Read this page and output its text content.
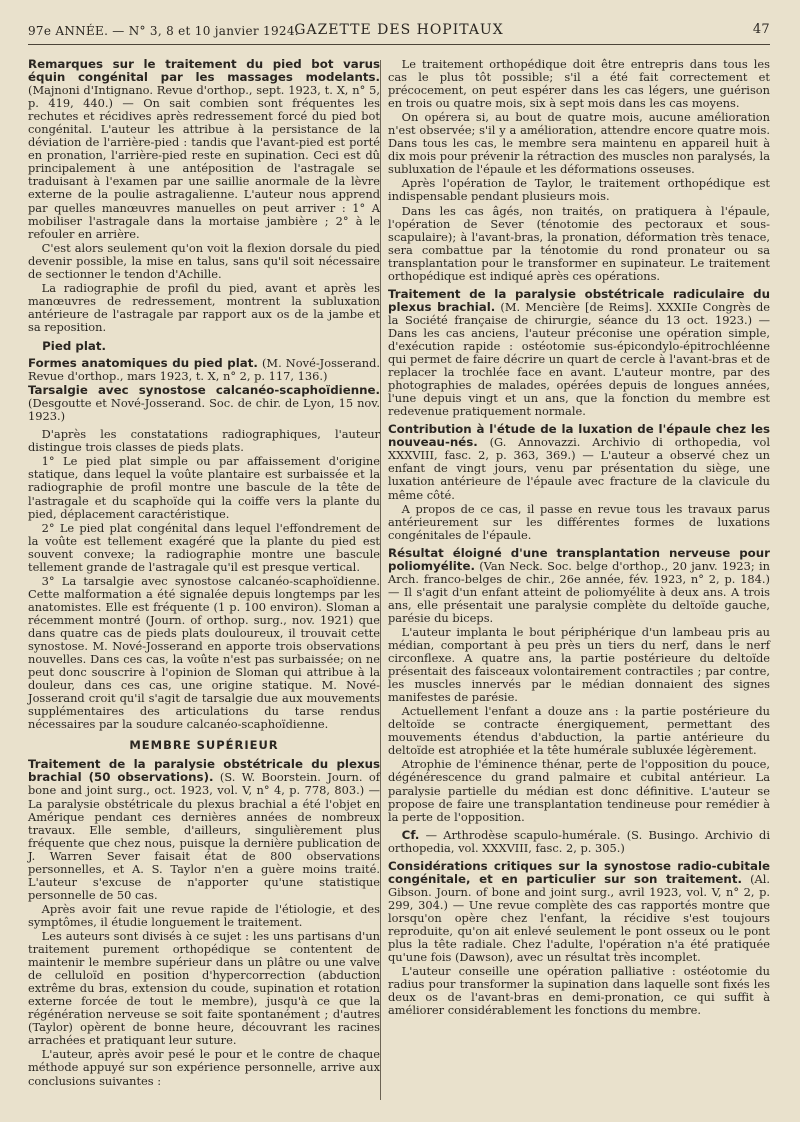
97e ANNÉE. — N° 3, 8 et 10 janvier 1924.
GAZETTE DES HOPITAUX	47

Remarques sur le traitement du pied bot varus équin congénital par les massages modelants. (Majnoni d'Intignano. Revue d'orthop., sept. 1923, t. X, n° 5, p. 419, 440.) — On sait combien sont fréquentes les rechutes et récidives après redressement forcé du pied bot congénital. L'auteur les attribue à la persistance de la déviation de l'arrière-pied : tandis que l'avant-pied est porté en pronation, l'arrière-pied reste en supination. Ceci est dû principalement à une antéposition de l'astragale se traduisant à l'examen par une saillie anormale de la lèvre externe de la poulie astragalienne. L'auteur nous apprend par quelles manœuvres manuelles on peut arriver : 1° A mobiliser l'astragale dans la mortaise jambière ; 2° à le refouler en arrière.

C'est alors seulement qu'on voit la flexion dorsale du pied devenir possible, la mise en talus, sans qu'il soit nécessaire de sectionner le tendon d'Achille.

La radiographie de profil du pied, avant et après les manœuvres de redressement, montrent la subluxation antérieure de l'astragale par rapport aux os de la jambe et sa reposition.

Pied plat.

Formes anatomiques du pied plat. (M. Nové-Josserand. Revue d'orthop., mars 1923, t. X, n° 2, p. 117, 136.)

Tarsalgie avec synostose calcanéo-scaphoïdienne. (Desgoutte et Nové-Josserand. Soc. de chir. de Lyon, 15 nov. 1923.)

D'après les constatations radiographiques, l'auteur distingue trois classes de pieds plats.

1° Le pied plat simple ou par affaissement d'origine statique, dans lequel la voûte plantaire est surbaissée et la radiographie de profil montre une bascule de la tête de l'astragale et du scaphoïde qui la coiffe vers la plante du pied, déplacement caractéristique.

2° Le pied plat congénital dans lequel l'effondrement de la voûte est tellement exagéré que la plante du pied est souvent convexe; la radiographie montre une bascule tellement grande de l'astragale qu'il est presque vertical.

3° La tarsalgie avec synostose calcanéo-scaphoïdienne. Cette malformation a été signalée depuis longtemps par les anatomistes. Elle est fréquente (1 p. 100 environ). Sloman a récemment montré (Journ. of orthop. surg., nov. 1921) que dans quatre cas de pieds plats douloureux, il trouvait cette synostose. M. Nové-Josserand en apporte trois observations nouvelles. Dans ces cas, la voûte n'est pas surbaissée; on ne peut donc souscrire à l'opinion de Sloman qui attribue à la douleur, dans ces cas, une origine statique. M. Nové-Josserand croit qu'il s'agit de tarsalgie due aux mouvements supplémentaires des articulations du tarse rendus nécessaires par la soudure calcanéo-scaphoïdienne.

MEMBRE SUPÉRIEUR

Traitement de la paralysie obstétricale du plexus brachial (50 observations). (S. W. Boorstein. Journ. of bone and joint surg., oct. 1923, vol. V, n° 4, p. 778, 803.) — La paralysie obstétricale du plexus brachial a été l'objet en Amérique pendant ces dernières années de nombreux travaux. Elle semble, d'ailleurs, singulièrement plus fréquente que chez nous, puisque la dernière publication de J. Warren Sever faisait état de 800 observations personnelles, et A. S. Taylor n'en a guère moins traité. L'auteur s'excuse de n'apporter qu'une statistique personnelle de 50 cas.

Après avoir fait une revue rapide de l'étiologie, et des symptômes, il étudie longuement le traitement.

Les auteurs sont divisés à ce sujet : les uns partisans d'un traitement purement orthopédique se contentent de maintenir le membre supérieur dans un plâtre ou une valve de celluloïd en position d'hypercorrection (abduction extrême du bras, extension du coude, supination et rotation externe forcée de tout le membre), jusqu'à ce que la régénération nerveuse se soit faite spontanément ; d'autres (Taylor) opèrent de bonne heure, découvrant les racines arrachées et pratiquant leur suture.

L'auteur, après avoir pesé le pour et le contre de chaque méthode appuyé sur son expérience personnelle, arrive aux conclusions suivantes :

Le traitement orthopédique doit être entrepris dans tous les cas le plus tôt possible; s'il a été fait correctement et précocement, on peut espérer dans les cas légers, une guérison en trois ou quatre mois, six à sept mois dans les cas moyens.

On opérera si, au bout de quatre mois, aucune amélioration n'est observée; s'il y a amélioration, attendre encore quatre mois. Dans tous les cas, le membre sera maintenu en appareil huit à dix mois pour prévenir la rétraction des muscles non paralysés, la subluxation de l'épaule et les déformations osseuses.

Après l'opération de Taylor, le traitement orthopédique est indispensable pendant plusieurs mois.

Dans les cas âgés, non traités, on pratiquera à l'épaule, l'opération de Sever (ténotomie des pectoraux et sous-scapulaire); à l'avant-bras, la pronation, déformation très tenace, sera combattue par la ténotomie du rond pronateur ou sa transplantation pour le transformer en supinateur. Le traitement orthopédique est indiqué après ces opérations.

Traitement de la paralysie obstétricale radiculaire du plexus brachial. (M. Mencière [de Reims]. XXXIIe Congrès de la Société française de chirurgie, séance du 13 oct. 1923.) — Dans les cas anciens, l'auteur préconise une opération simple, d'exécution rapide : ostéotomie sus-épicondylo-épitrochléenne qui permet de faire décrire un quart de cercle à l'avant-bras et de replacer la trochlée face en avant. L'auteur montre, par des photographies de malades, opérées depuis de longues années, l'une depuis vingt et un ans, que la fonction du membre est redevenue pratiquement normale.

Contribution à l'étude de la luxation de l'épaule chez les nouveau-nés. (G. Annovazzi. Archivio di orthopedia, vol XXXVIII, fasc. 2, p. 363, 369.) — L'auteur a observé chez un enfant de vingt jours, venu par présentation du siège, une luxation antérieure de l'épaule avec fracture de la clavicule du même côté.

A propos de ce cas, il passe en revue tous les travaux parus antérieurement sur les différentes formes de luxations congénitales de l'épaule.

Résultat éloigné d'une transplantation nerveuse pour poliomyélite. (Van Neck. Soc. belge d'orthop., 20 janv. 1923; in Arch. franco-belges de chir., 26e année, fév. 1923, n° 2, p. 184.) — Il s'agit d'un enfant atteint de poliomyélite à deux ans. A trois ans, elle présentait une paralysie complète du deltoïde gauche, parésie du biceps.

L'auteur implanta le bout périphérique d'un lambeau pris au médian, comportant à peu près un tiers du nerf, dans le nerf circonflexe. A quatre ans, la partie postérieure du deltoïde présentait des faisceaux volontairement contractiles ; par contre, les muscles innervés par le médian donnaient des signes manifestes de parésie.

Actuellement l'enfant a douze ans : la partie postérieure du deltoïde se contracte énergiquement, permettant des mouvements étendus d'abduction, la partie antérieure du deltoïde est atrophiée et la tête humérale subluxée légèrement.

Atrophie de l'éminence thénar, perte de l'opposition du pouce, dégénérescence du grand palmaire et cubital antérieur. La paralysie partielle du médian est donc définitive. L'auteur se propose de faire une transplantation tendineuse pour remédier à la perte de l'opposition.

Cf. — Arthrodèse scapulo-humérale. (S. Busingo. Archivio di orthopedia, vol. XXXVIII, fasc. 2, p. 305.)

Considérations critiques sur la synostose radio-cubitale congénitale, et en particulier sur son traitement. (Al. Gibson. Journ. of bone and joint surg., avril 1923, vol. V, n° 2, p. 299, 304.) — Une revue complète des cas rapportés montre que lorsqu'on opère chez l'enfant, la récidive s'est toujours reproduite, qu'on ait enlevé seulement le pont osseux ou le pont plus la tête radiale. Chez l'adulte, l'opération n'a été pratiquée qu'une fois (Dawson), avec un résultat très incomplet.

L'auteur conseille une opération palliative : ostéotomie du radius pour transformer la supination dans laquelle sont fixés les deux os de l'avant-bras en demi-pronation, ce qui suffit à améliorer considérablement les fonctions du membre.
